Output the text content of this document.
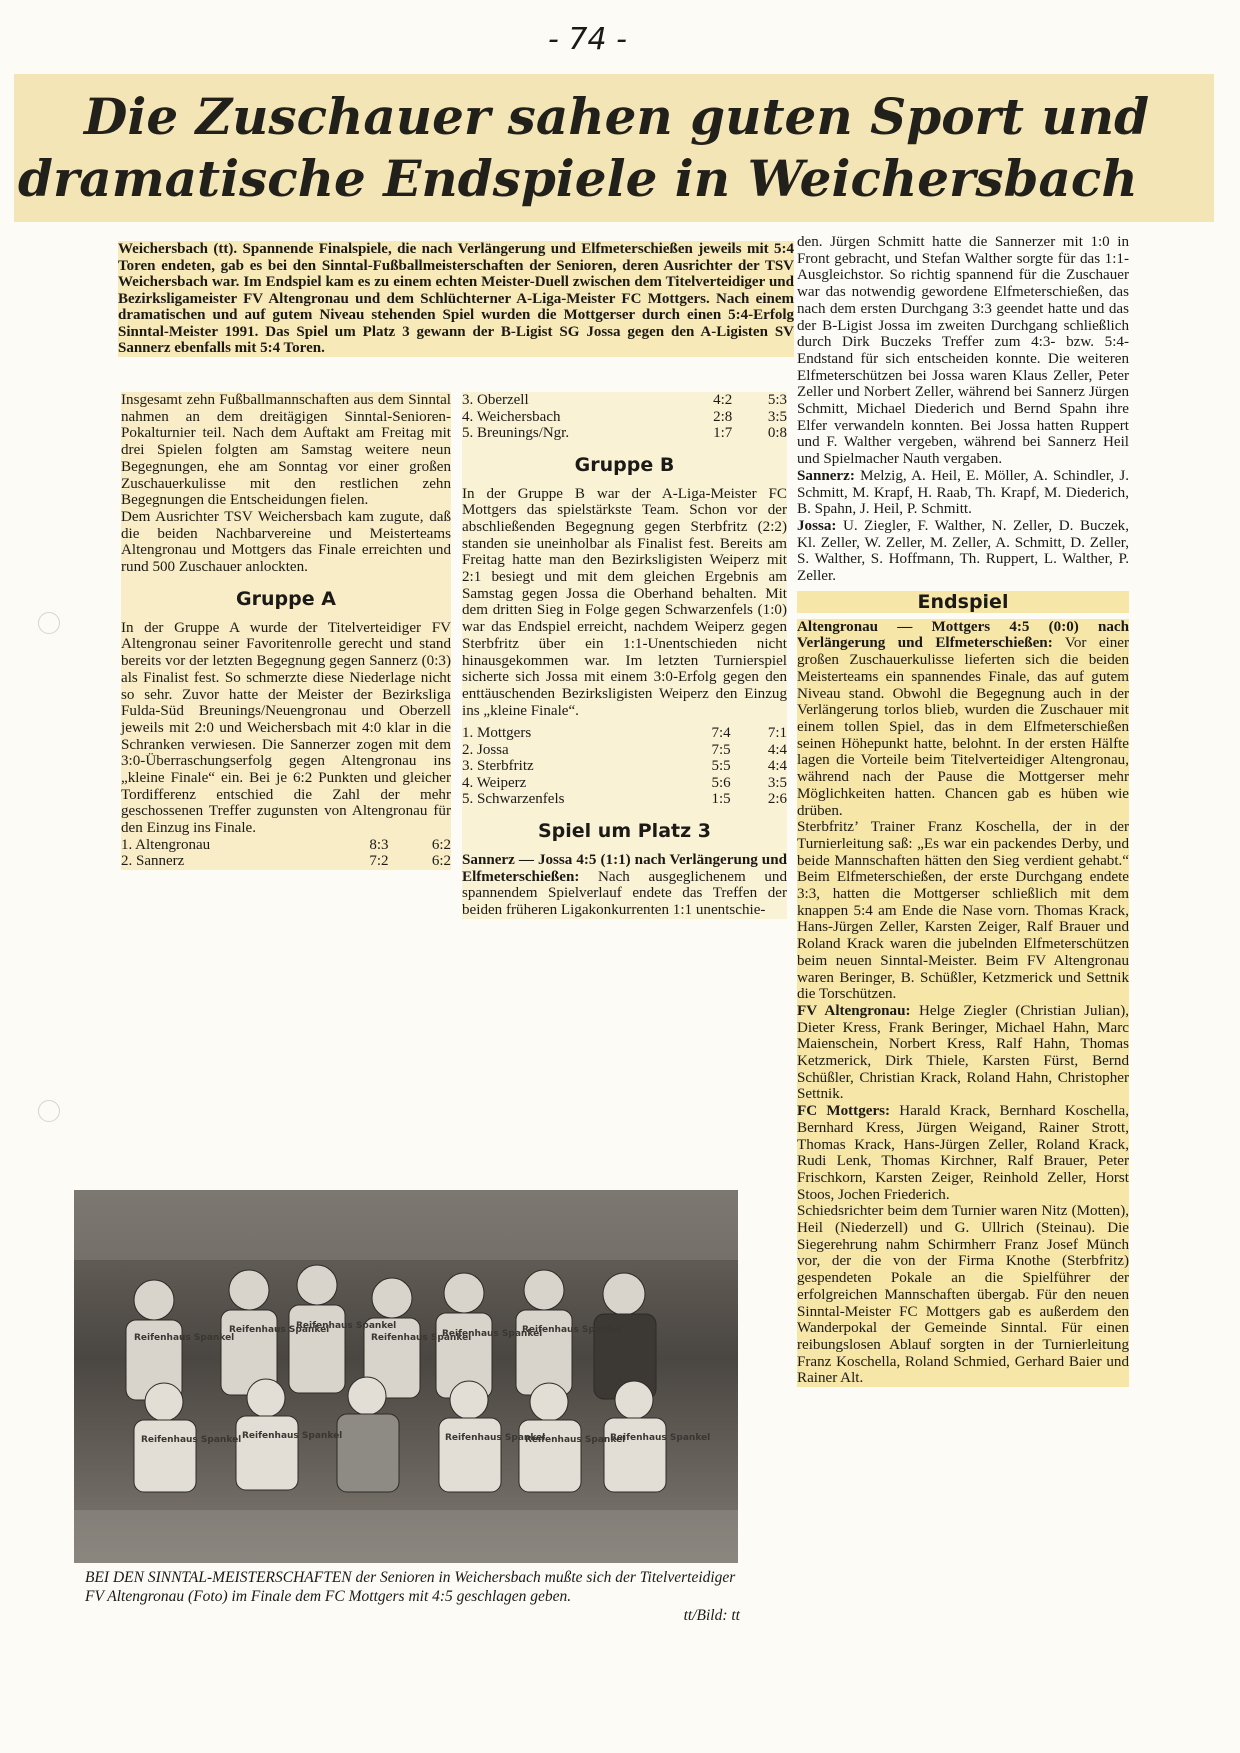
- 74 -
Die Zuschauer sahen guten Sport und
dramatische Endspiele in Weichersbach
Weichersbach (tt). Spannende Finalspiele, die nach Verlängerung und Elfmeterschießen jeweils mit 5:4 Toren endeten, gab es bei den Sinntal-Fußballmeisterschaften der Senioren, deren Ausrichter der TSV Weichersbach war. Im Endspiel kam es zu einem echten Meister-Duell zwischen dem Titelverteidiger und Bezirksligameister FV Altengronau und dem Schlüchterner A-Liga-Meister FC Mottgers. Nach einem dramatischen und auf gutem Niveau stehenden Spiel wurden die Mottgerser durch einen 5:4-Erfolg Sinntal-Meister 1991. Das Spiel um Platz 3 gewann der B-Ligist SG Jossa gegen den A-Ligisten SV Sannerz ebenfalls mit 5:4 Toren.

Insgesamt zehn Fußballmannschaften aus dem Sinntal nahmen an dem dreitägigen Sinntal-Senioren-Pokalturnier teil. Nach dem Auftakt am Freitag mit drei Spielen folgten am Samstag weitere neun Begegnungen, ehe am Sonntag vor einer großen Zuschauerkulisse mit den restlichen zehn Begegnungen die Entscheidungen fielen.

Dem Ausrichter TSV Weichersbach kam zugute, daß die beiden Nachbarvereine und Meisterteams Altengronau und Mottgers das Finale erreichten und rund 500 Zuschauer anlockten.

Gruppe A

In der Gruppe A wurde der Titelverteidiger FV Altengronau seiner Favoritenrolle gerecht und stand bereits vor der letzten Begegnung gegen Sannerz (0:3) als Finalist fest. So schmerzte diese Niederlage nicht so sehr. Zuvor hatte der Meister der Bezirksliga Fulda-Süd Breunings/Neuengronau und Oberzell jeweils mit 2:0 und Weichersbach mit 4:0 klar in die Schranken verwiesen. Die Sannerzer zogen mit dem 3:0-Überraschungserfolg gegen Altengronau ins „kleine Finale“ ein. Bei je 6:2 Punkten und gleicher Tordifferenz entschied die Zahl der mehr geschossenen Treffer zugunsten von Altengronau für den Einzug ins Finale.

1. Altengronau	8:3	6:2
2. Sannerz	7:2	6:2
3. Oberzell	4:2	5:3
4. Weichersbach	2:8	3:5
5. Breunings/Ngr.	1:7	0:8
Gruppe B

In der Gruppe B war der A-Liga-Meister FC Mottgers das spielstärkste Team. Schon vor der abschließenden Begegnung gegen Sterbfritz (2:2) standen sie uneinholbar als Finalist fest. Bereits am Freitag hatte man den Bezirksligisten Weiperz mit 2:1 besiegt und mit dem gleichen Ergebnis am Samstag gegen Jossa die Oberhand behalten. Mit dem dritten Sieg in Folge gegen Schwarzenfels (1:0) war das Endspiel erreicht, nachdem Weiperz gegen Sterbfritz über ein 1:1-Unentschieden nicht hinausgekommen war. Im letzten Turnierspiel sicherte sich Jossa mit einem 3:0-Erfolg gegen den enttäuschenden Bezirksligisten Weiperz den Einzug ins „kleine Finale“.

1. Mottgers	7:4	7:1
2. Jossa	7:5	4:4
3. Sterbfritz	5:5	4:4
4. Weiperz	5:6	3:5
5. Schwarzenfels	1:5	2:6
Spiel um Platz 3

Sannerz — Jossa 4:5 (1:1) nach Verlängerung und Elfmeterschießen: Nach ausgeglichenem und spannendem Spielverlauf endete das Treffen der beiden früheren Ligakonkurrenten 1:1 unentschie-

den. Jürgen Schmitt hatte die Sannerzer mit 1:0 in Front gebracht, und Stefan Walther sorgte für das 1:1-Ausgleichstor. So richtig spannend für die Zuschauer war das notwendig gewordene Elfmeterschießen, das nach dem ersten Durchgang 3:3 geendet hatte und das der B-Ligist Jossa im zweiten Durchgang schließlich durch Dirk Buczeks Treffer zum 4:3- bzw. 5:4-Endstand für sich entscheiden konnte. Die weiteren Elfmeterschützen bei Jossa waren Klaus Zeller, Peter Zeller und Norbert Zeller, während bei Sannerz Jürgen Schmitt, Michael Diederich und Bernd Spahn ihre Elfer verwandeln konnten. Bei Jossa hatten Ruppert und F. Walther vergeben, während bei Sannerz Heil und Spielmacher Nauth vergaben.

Sannerz: Melzig, A. Heil, E. Möller, A. Schindler, J. Schmitt, M. Krapf, H. Raab, Th. Krapf, M. Diederich, B. Spahn, J. Heil, P. Schmitt.

Jossa: U. Ziegler, F. Walther, N. Zeller, D. Buczek, Kl. Zeller, W. Zeller, M. Zeller, A. Schmitt, D. Zeller, S. Walther, S. Hoffmann, Th. Ruppert, L. Walther, P. Zeller.

Endspiel

Altengronau — Mottgers 4:5 (0:0) nach Verlängerung und Elfmeterschießen: Vor einer großen Zuschauerkulisse lieferten sich die beiden Meisterteams ein spannendes Finale, das auf gutem Niveau stand. Obwohl die Begegnung auch in der Verlängerung torlos blieb, wurden die Zuschauer mit einem tollen Spiel, das in dem Elfmeterschießen seinen Höhepunkt hatte, belohnt. In der ersten Hälfte lagen die Vorteile beim Titelverteidiger Altengronau, während nach der Pause die Mottgerser mehr Möglichkeiten hatten. Chancen gab es hüben wie drüben.

Sterbfritz’ Trainer Franz Koschella, der in der Turnierleitung saß: „Es war ein packendes Derby, und beide Mannschaften hätten den Sieg verdient gehabt.“ Beim Elfmeterschießen, der erste Durchgang endete 3:3, hatten die Mottgerser schließlich mit dem knappen 5:4 am Ende die Nase vorn. Thomas Krack, Hans-Jürgen Zeller, Karsten Zeiger, Ralf Brauer und Roland Krack waren die jubelnden Elfmeterschützen beim neuen Sinntal-Meister. Beim FV Altengronau waren Beringer, B. Schüßler, Ketzmerick und Settnik die Torschützen.

FV Altengronau: Helge Ziegler (Christian Julian), Dieter Kress, Frank Beringer, Michael Hahn, Marc Maienschein, Norbert Kress, Ralf Hahn, Thomas Ketzmerick, Dirk Thiele, Karsten Fürst, Bernd Schüßler, Christian Krack, Roland Hahn, Christopher Settnik.

FC Mottgers: Harald Krack, Bernhard Koschella, Bernhard Kress, Jürgen Weigand, Rainer Strott, Thomas Krack, Hans-Jürgen Zeller, Roland Krack, Rudi Lenk, Thomas Kirchner, Ralf Brauer, Peter Frischkorn, Karsten Zeiger, Reinhold Zeller, Horst Stoos, Jochen Friederich.

Schiedsrichter beim dem Turnier waren Nitz (Motten), Heil (Niederzell) und G. Ullrich (Steinau). Die Siegerehrung nahm Schirmherr Franz Josef Münch vor, der die von der Firma Knothe (Sterbfritz) gespendeten Pokale an die Spielführer der erfolgreichen Mannschaften übergab. Für den neuen Sinntal-Meister FC Mottgers gab es außerdem den Wanderpokal der Gemeinde Sinntal. Für einen reibungslosen Ablauf sorgten in der Turnierleitung Franz Koschella, Roland Schmied, Gerhard Baier und Rainer Alt.

Reifenhaus Spankel
Reifenhaus Spankel
Reifenhaus Spankel
Reifenhaus Spankel
Reifenhaus Spankel
Reifenhaus Spankel
Reifenhaus Spankel Reifenhaus Spankel	Reifenhaus Spankel
Reifenhaus Spankel
Reifenhaus Spankel
BEI DEN SINNTAL-MEISTERSCHAFTEN der Senioren in Weichersbach mußte sich der Titelverteidiger FV Altengronau (Foto) im Finale dem FC Mottgers mit 4:5 geschlagen geben.
tt/Bild: tt
